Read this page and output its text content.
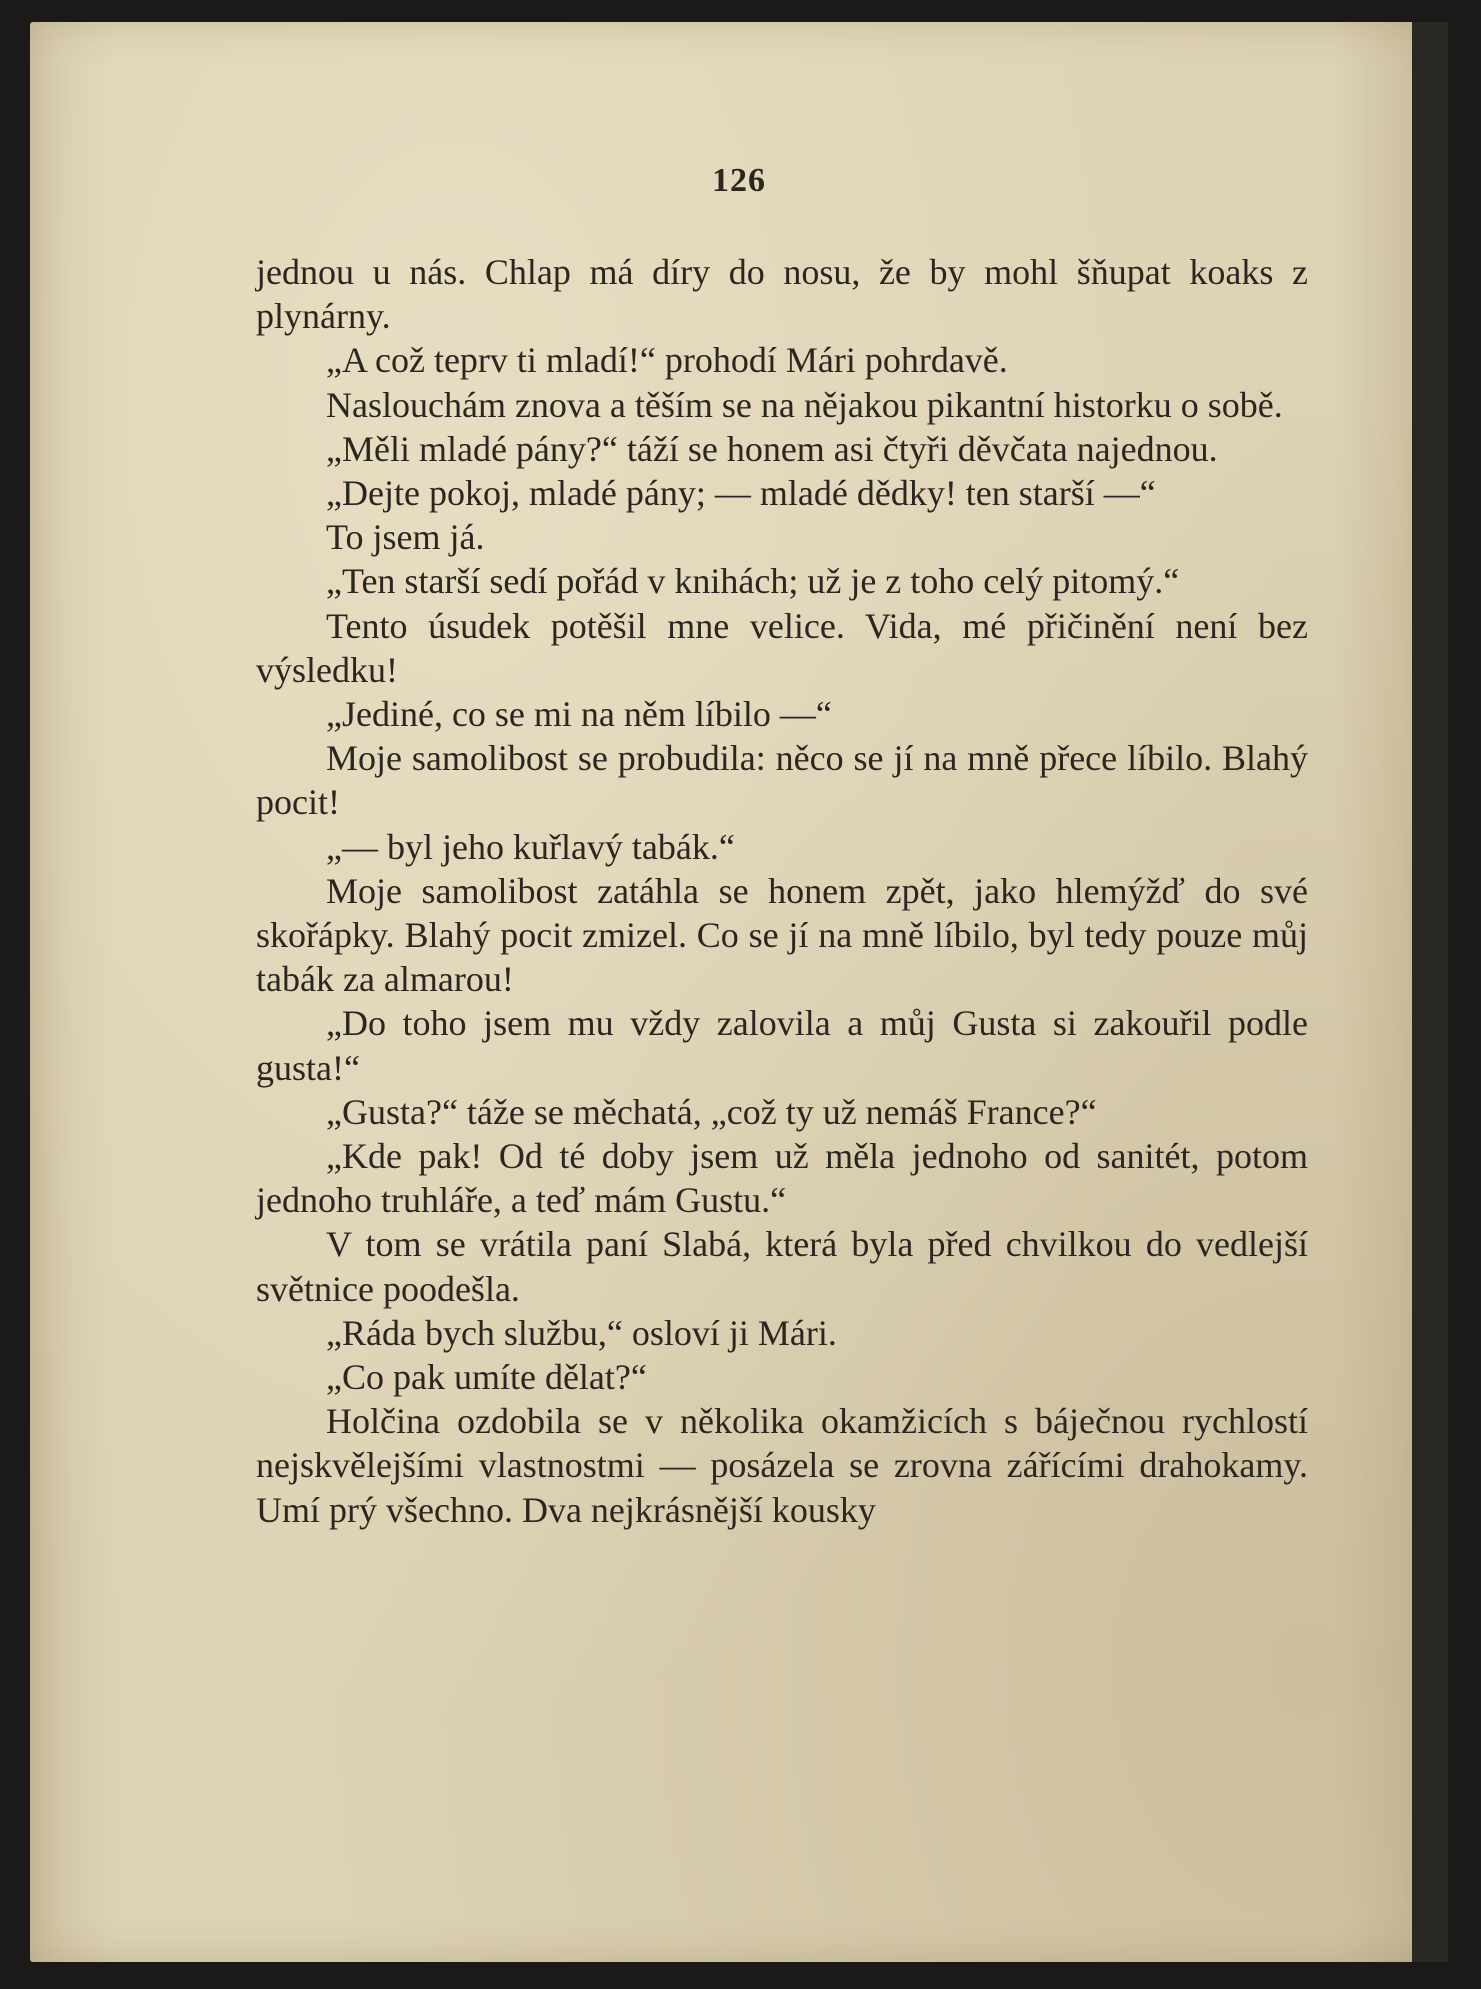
126

jednou u nás. Chlap má díry do nosu, že by mohl šňupat koaks z plynárny.

„A což teprv ti mladí!“ prohodí Mári pohrdavě.

Naslouchám znova a těším se na nějakou pikantní historku o sobě.

„Měli mladé pány?“ táží se honem asi čtyři děvčata najednou.

„Dejte pokoj, mladé pány; — mladé dědky! ten starší —“

To jsem já.

„Ten starší sedí pořád v knihách; už je z toho celý pitomý.“

Tento úsudek potěšil mne velice. Vida, mé přičinění není bez výsledku!

„Jediné, co se mi na něm líbilo —“

Moje samolibost se probudila: něco se jí na mně přece líbilo. Blahý pocit!

„— byl jeho kuřlavý tabák.“

Moje samolibost zatáhla se honem zpět, jako hlemýžď do své skořápky. Blahý pocit zmizel. Co se jí na mně líbilo, byl tedy pouze můj tabák za almarou!

„Do toho jsem mu vždy zalovila a můj Gusta si zakouřil podle gusta!“

„Gusta?“ táže se měchatá, „což ty už nemáš France?“

„Kde pak! Od té doby jsem už měla jednoho od sanitét, potom jednoho truhláře, a teď mám Gustu.“

V tom se vrátila paní Slabá, která byla před chvilkou do vedlejší světnice poodešla.

„Ráda bych službu,“ osloví ji Mári.

„Co pak umíte dělat?“

Holčina ozdobila se v několika okamžicích s báječnou rychlostí nejskvělejšími vlastnostmi — posázela se zrovna zářícími drahokamy. Umí prý všechno. Dva nejkrásnější kousky
